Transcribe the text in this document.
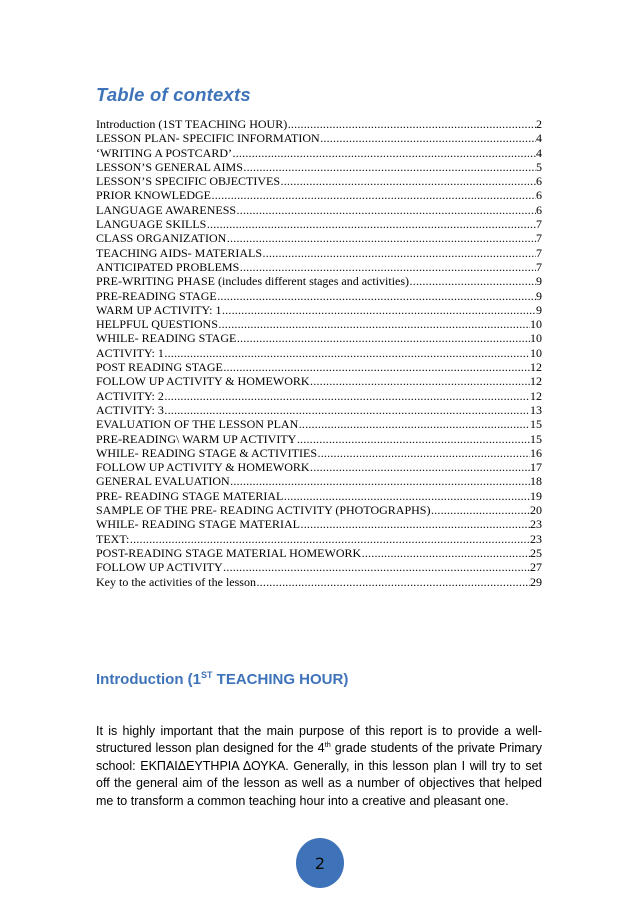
Table of contexts
Introduction (1ST TEACHING HOUR) .....	2
LESSON PLAN- SPECIFIC INFORMATION .....	4
‘WRITING A POSTCARD’ .....	4
LESSON’S GENERAL AIMS .....	5
LESSON’S SPECIFIC OBJECTIVES .....	6
PRIOR KNOWLEDGE .....	6
LANGUAGE AWARENESS .....	6
LANGUAGE SKILLS .....	7
CLASS ORGANIZATION .....	7
TEACHING AIDS- MATERIALS .....	7
ANTICIPATED PROBLEMS .....	7
PRE-WRITING PHASE (includes different stages and activities) .....	9
PRE-READING STAGE .....	9
WARM UP ACTIVITY: 1 .....	9
HELPFUL QUESTIONS .....	10
WHILE- READING STAGE .....	10
ACTIVITY: 1 .....	10
POST READING STAGE .....	12
FOLLOW UP ACTIVITY & HOMEWORK .....	12
ACTIVITY: 2 .....	12
ACTIVITY: 3 .....	13
EVALUATION OF THE LESSON PLAN .....	15
PRE-READING\ WARM UP ACTIVITY .....	15
WHILE- READING STAGE & ACTIVITIES .....	16
FOLLOW UP ACTIVITY & HOMEWORK .....	17
GENERAL EVALUATION .....	18
PRE- READING STAGE MATERIAL .....	19
SAMPLE OF THE PRE- READING ACTIVITY (PHOTOGRAPHS) .....	20
WHILE- READING STAGE MATERIAL .....	23
TEXT: .....	23
POST-READING STAGE MATERIAL HOMEWORK .....	25
FOLLOW UP ACTIVITY .....	27
Key to the activities of the lesson .....	29
Introduction (1ST TEACHING HOUR)

It is highly important that the main purpose of this report is to provide a well-structured lesson plan designed for the 4th grade students of the private Primary school: ΕΚΠΑΙΔΕΥΤΗΡΙΑ ΔΟΥΚΑ. Generally, in this lesson plan I will try to set off the general aim of the lesson as well as a number of objectives that helped me to transform a common teaching hour into a creative and pleasant one.

2
